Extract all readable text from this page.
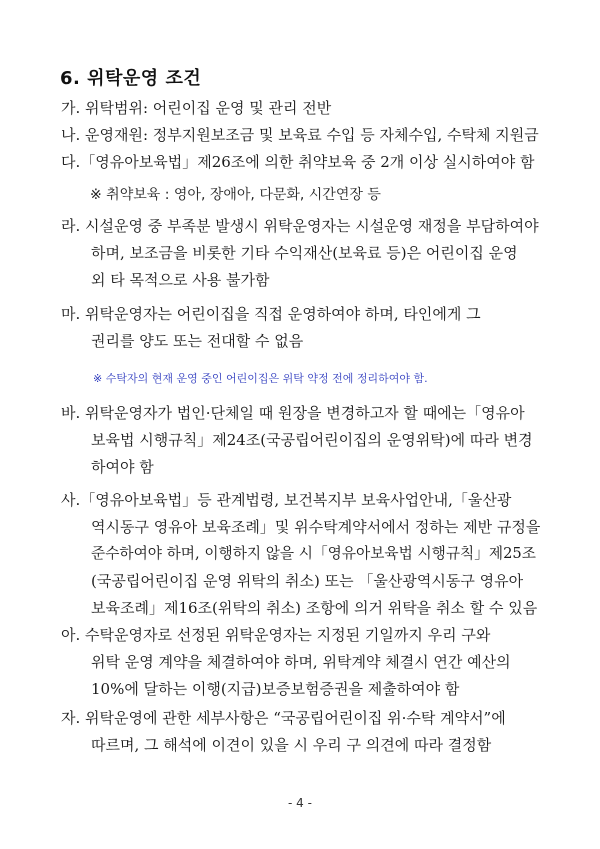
6. 위탁운영 조건
가. 위탁범위: 어린이집 운영 및 관리 전반
나. 운영재원: 정부지원보조금 및 보육료 수입 등 자체수입, 수탁체 지원금
다.「영유아보육법」제26조에 의한 취약보육 중 2개 이상 실시하여야 함
※ 취약보육 : 영아, 장애아, 다문화, 시간연장 등
라. 시설운영 중 부족분 발생시 위탁운영자는 시설운영 재정을 부담하여야
하며, 보조금을 비롯한 기타 수익재산(보육료 등)은 어린이집 운영
외 타 목적으로 사용 불가함
마. 위탁운영자는 어린이집을 직접 운영하여야 하며, 타인에게 그
권리를 양도 또는 전대할 수 없음
※ 수탁자의 현재 운영 중인 어린이집은 위탁 약정 전에 정리하여야 함.
바. 위탁운영자가 법인·단체일 때 원장을 변경하고자 할 때에는「영유아
보육법 시행규칙」제24조(국공립어린이집의 운영위탁)에 따라 변경
하여야 함
사.「영유아보육법」등 관계법령, 보건복지부 보육사업안내,「울산광
역시동구 영유아 보육조례」및 위수탁계약서에서 정하는 제반 규정을
준수하여야 하며, 이행하지 않을 시「영유아보육법 시행규칙」제25조
(국공립어린이집 운영 위탁의 취소) 또는 「울산광역시동구 영유아
보육조례」제16조(위탁의 취소) 조항에 의거 위탁을 취소 할 수 있음
아. 수탁운영자로 선정된 위탁운영자는 지정된 기일까지 우리 구와
위탁 운영 계약을 체결하여야 하며, 위탁계약 체결시 연간 예산의
10%에 달하는 이행(지급)보증보험증권을 제출하여야 함
자. 위탁운영에 관한 세부사항은 “국공립어린이집 위·수탁 계약서”에
따르며, 그 해석에 이견이 있을 시 우리 구 의견에 따라 결정함
- 4 -
